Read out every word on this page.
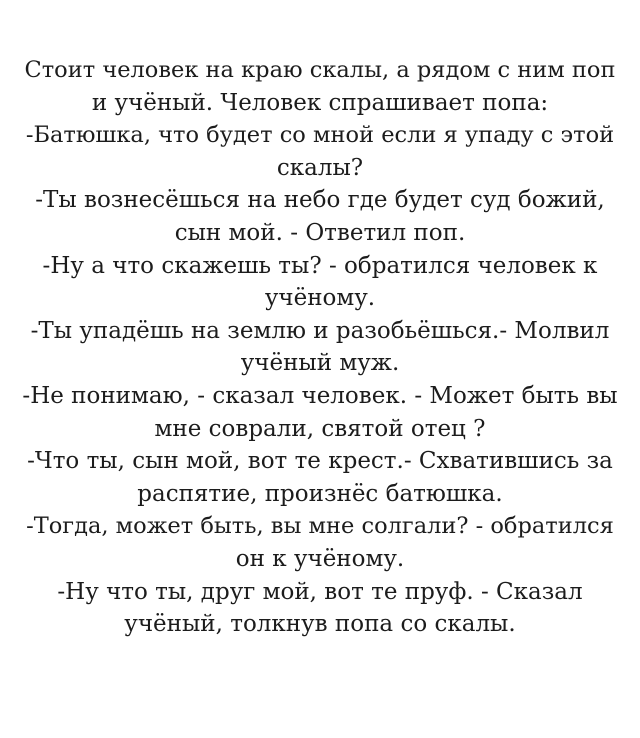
Стоит человек на краю скалы, а рядом с ним поп
и учёный. Человек спрашивает попа:
-Батюшка, что будет со мной если я упаду с этой
скалы?
-Ты вознесёшься на небо где будет суд божий,
сын мой. - Ответил поп.
-Ну а что скажешь ты? - обратился человек к
учёному.
-Ты упадёшь на землю и разобьёшься.- Молвил
учёный муж.
-Не понимаю, - сказал человек. - Может быть вы
мне соврали, святой отец ?
-Что ты, сын мой, вот те крест.- Схватившись за
распятие, произнёс батюшка.
-Тогда, может быть, вы мне солгали? - обратился
он к учёному.
-Ну что ты, друг мой, вот те пруф. - Сказал
учёный, толкнув попа со скалы.
